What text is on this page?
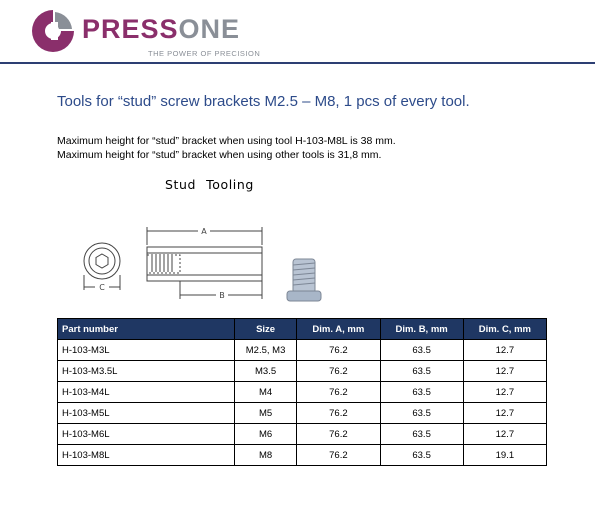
PRESSONE
THE POWER OF PRECISION
Tools for “stud” screw brackets M2.5 – M8, 1 pcs of every tool.
Maximum height for “stud” bracket when using tool H-103-M8L is 38 mm.
Maximum height for “stud” bracket when using other tools is 31,8 mm.
Stud Tooling
C
A
B
Part number	Size	Dim. A, mm	Dim. B, mm	Dim. C, mm
H-103-M3L	M2.5, M3	76.2	63.5	12.7
H-103-M3.5L	M3.5	76.2	63.5	12.7
H-103-M4L	M4	76.2	63.5	12.7
H-103-M5L	M5	76.2	63.5	12.7
H-103-M6L	M6	76.2	63.5	12.7
H-103-M8L	M8	76.2	63.5	19.1
